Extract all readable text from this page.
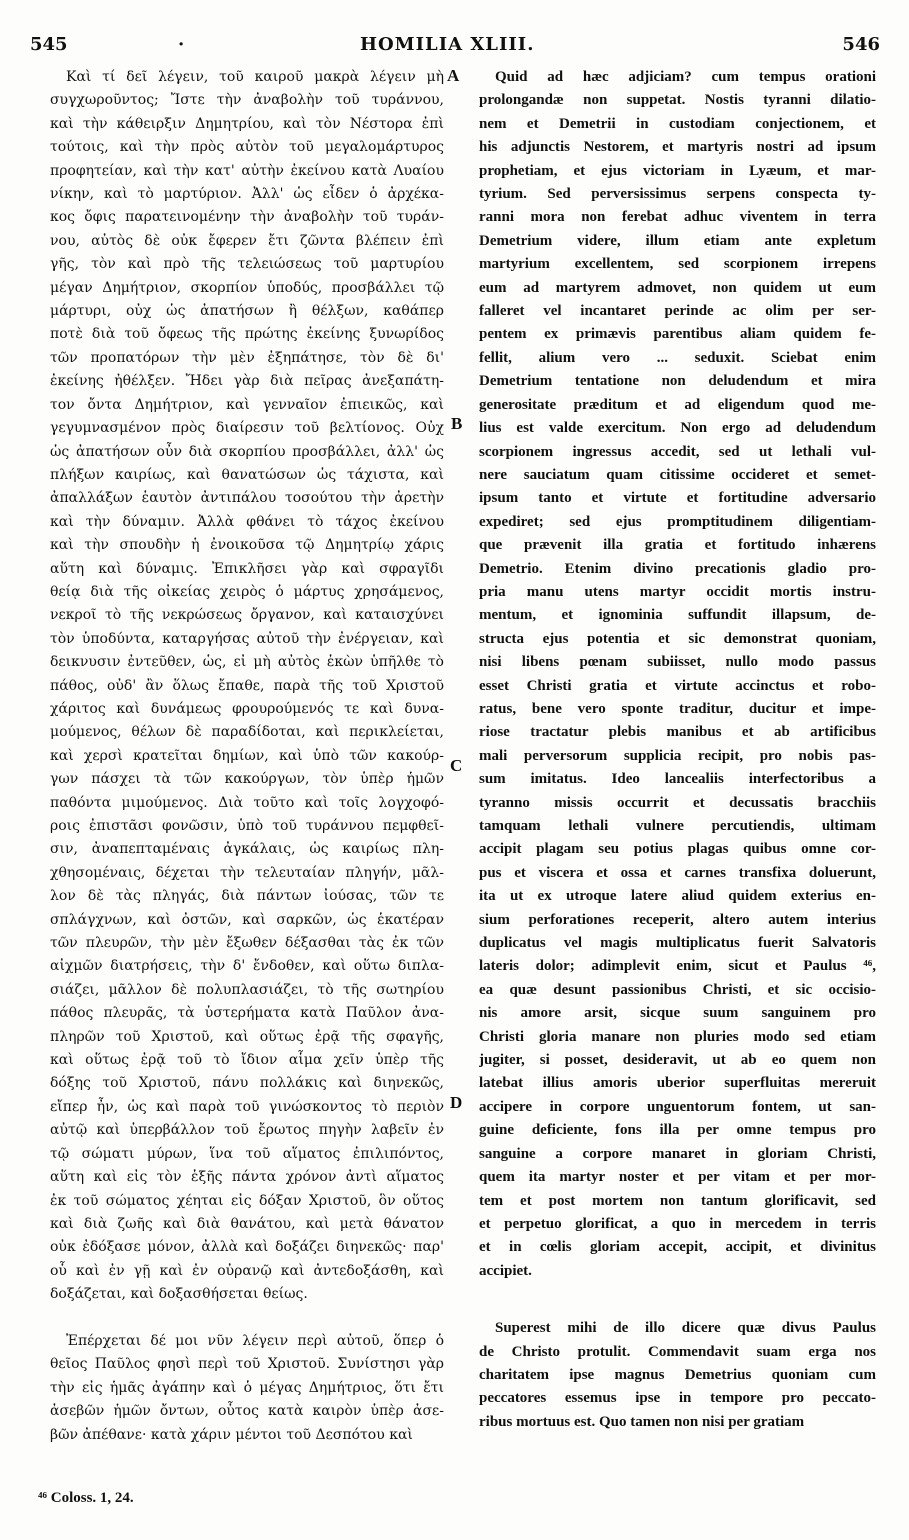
545	·	HOMILIA XLIII.	546

Καὶ τί δεῖ λέγειν, τοῦ καιροῦ μακρὰ λέγειν μὴ
συγχωροῦντος; Ἴστε τὴν ἀναβολὴν τοῦ τυράννου,
καὶ τὴν κάθειρξιν Δημητρίου, καὶ τὸν Νέστορα ἐπὶ
τούτοις, καὶ τὴν πρὸς αὐτὸν τοῦ μεγαλομάρτυρος
προφητείαν, καὶ τὴν κατ' αὐτὴν ἐκείνου κατὰ Λυαίου
νίκην, καὶ τὸ μαρτύριον. Ἀλλ' ὡς εἶδεν ὁ ἀρχέκα-
κος ὄφις παρατεινομένην τὴν ἀναβολὴν τοῦ τυράν-
νου, αὐτὸς δὲ οὐκ ἔφερεν ἔτι ζῶντα βλέπειν ἐπὶ
γῆς, τὸν καὶ πρὸ τῆς τελειώσεως τοῦ μαρτυρίου
μέγαν Δημήτριον, σκορπίον ὑποδύς, προσβάλλει τῷ
μάρτυρι, οὐχ ὡς ἀπατήσων ἢ θέλξων, καθάπερ
ποτὲ διὰ τοῦ ὄφεως τῆς πρώτης ἐκείνης ξυνωρίδος
τῶν προπατόρων τὴν μὲν ἐξηπάτησε, τὸν δὲ δι'
ἐκείνης ἠθέλξεν. Ἤδει γὰρ διὰ πεῖρας ἀνεξαπάτη-
τον ὄντα Δημήτριον, καὶ γενναῖον ἐπιεικῶς, καὶ
γεγυμνασμένον πρὸς διαίρεσιν τοῦ βελτίονος. Οὐχ
ὡς ἀπατήσων οὖν διὰ σκορπίου προσβάλλει, ἀλλ' ὡς
πλήξων καιρίως, καὶ θανατώσων ὡς τάχιστα, καὶ
ἀπαλλάξων ἑαυτὸν ἀντιπάλου τοσούτου τὴν ἀρετὴν
καὶ τὴν δύναμιν. Ἀλλὰ φθάνει τὸ τάχος ἐκείνου
καὶ τὴν σπουδὴν ἡ ἐνοικοῦσα τῷ Δημητρίῳ χάρις
αὕτη καὶ δύναμις. Ἐπικλῆσει γὰρ καὶ σφραγῖδι
θείᾳ διὰ τῆς οἰκείας χειρὸς ὁ μάρτυς χρησάμενος,
νεκροῖ τὸ τῆς νεκρώσεως ὄργανον, καὶ καταισχύνει
τὸν ὑποδύντα, καταργήσας αὐτοῦ τὴν ἐνέργειαν, καὶ
δεικνυσιν ἐντεῦθεν, ὡς, εἰ μὴ αὐτὸς ἑκὼν ὑπῆλθε τὸ
πάθος, οὐδ' ἂν ὅλως ἔπαθε, παρὰ τῆς τοῦ Χριστοῦ
χάριτος καὶ δυνάμεως φρουρούμενός τε καὶ δυνα-
μούμενος, θέλων δὲ παραδίδοται, καὶ περικλείεται,
καὶ χερσὶ κρατεῖται δημίων, καὶ ὑπὸ τῶν κακούρ-
γων πάσχει τὰ τῶν κακούργων, τὸν ὑπὲρ ἡμῶν
παθόντα μιμούμενος. Διὰ τοῦτο καὶ τοῖς λογχοφό-
ροις ἐπιστᾶσι φονῶσιν, ὑπὸ τοῦ τυράννου πεμφθεῖ-
σιν, ἀναπεπταμέναις ἀγκάλαις, ὡς καιρίως πλη-
χθησομέναις, δέχεται τὴν τελευταίαν πληγήν, μᾶλ-
λον δὲ τὰς πληγάς, διὰ πάντων ἰούσας, τῶν τε
σπλάγχνων, καὶ ὀστῶν, καὶ σαρκῶν, ὡς ἑκατέραν
τῶν πλευρῶν, τὴν μὲν ἔξωθεν δέξασθαι τὰς ἐκ τῶν
αἰχμῶν διατρήσεις, τὴν δ' ἔνδοθεν, καὶ οὕτω διπλα-
σιάζει, μᾶλλον δὲ πολυπλασιάζει, τὸ τῆς σωτηρίου
πάθος πλευρᾶς, τὰ ὑστερήματα κατὰ Παῦλον ἀνα-
πληρῶν τοῦ Χριστοῦ, καὶ οὕτως ἐρᾷ τῆς σφαγῆς,
καὶ οὕτως ἐρᾷ τοῦ τὸ ἴδιον αἷμα χεῖν ὑπὲρ τῆς
δόξης τοῦ Χριστοῦ, πάνυ πολλάκις καὶ διηνεκῶς,
εἴπερ ἦν, ὡς καὶ παρὰ τοῦ γινώσκοντος τὸ περιὸν
αὐτῷ καὶ ὑπερβάλλον τοῦ ἔρωτος πηγὴν λαβεῖν ἐν
τῷ σώματι μύρων, ἵνα τοῦ αἵματος ἐπιλιπόντος,
αὕτη καὶ εἰς τὸν ἑξῆς πάντα χρόνον ἀντὶ αἵματος
ἐκ τοῦ σώματος χέηται εἰς δόξαν Χριστοῦ, ὃν οὕτος
καὶ διὰ ζωῆς καὶ διὰ θανάτου, καὶ μετὰ θάνατον
οὐκ ἐδόξασε μόνον, ἀλλὰ καὶ δοξάζει διηνεκῶς· παρ'
οὗ καὶ ἐν γῇ καὶ ἐν οὐρανῷ καὶ ἀντεδοξάσθη, καὶ
δοξάζεται, καὶ δοξασθήσεται θείως.

Ἐπέρχεται δέ μοι νῦν λέγειν περὶ αὐτοῦ, ὅπερ ὁ
θεῖος Παῦλος φησὶ περὶ τοῦ Χριστοῦ. Συνίστησι γὰρ
τὴν εἰς ἡμᾶς ἀγάπην καὶ ὁ μέγας Δημήτριος, ὅτι ἔτι
ἀσεβῶν ἡμῶν ὄντων, οὗτος κατὰ καιρὸν ὑπὲρ ἀσε-
βῶν ἀπέθανε· κατὰ χάριν μέντοι τοῦ Δεσπότου καὶ

Quid ad hæc adjiciam? cum tempus orationi
prolongandæ non suppetat. Nostis tyranni dilatio-
nem et Demetrii in custodiam conjectionem, et
his adjunctis Nestorem, et martyris nostri ad ipsum
prophetiam, et ejus victoriam in Lyæum, et mar-
tyrium. Sed perversissimus serpens conspecta ty-
ranni mora non ferebat adhuc viventem in terra
Demetrium videre, illum etiam ante expletum
martyrium excellentem, sed scorpionem irrepens
eum ad martyrem admovet, non quidem ut eum
falleret vel incantaret perinde ac olim per ser-
pentem ex primævis parentibus aliam quidem fe-
fellit, alium vero ... seduxit. Sciebat enim
Demetrium tentatione non deludendum et mira
generositate præditum et ad eligendum quod me-
lius est valde exercitum. Non ergo ad deludendum
scorpionem ingressus accedit, sed ut lethali vul-
nere sauciatum quam citissime occideret et semet-
ipsum tanto et virtute et fortitudine adversario
expediret; sed ejus promptitudinem diligentiam-
que prævenit illa gratia et fortitudo inhærens
Demetrio. Etenim divino precationis gladio pro-
pria manu utens martyr occidit mortis instru-
mentum, et ignominia suffundit illapsum, de-
structa ejus potentia et sic demonstrat quoniam,
nisi libens pœnam subiisset, nullo modo passus
esset Christi gratia et virtute accinctus et robo-
ratus, bene vero sponte traditur, ducitur et impe-
riose tractatur plebis manibus et ab artificibus
mali perversorum supplicia recipit, pro nobis pas-
sum imitatus. Ideo lancealiis interfectoribus a
tyranno missis occurrit et decussatis bracchiis
tamquam lethali vulnere percutiendis, ultimam
accipit plagam seu potius plagas quibus omne cor-
pus et viscera et ossa et carnes transfixa doluerunt,
ita ut ex utroque latere aliud quidem exterius en-
sium perforationes receperit, altero autem interius
duplicatus vel magis multiplicatus fuerit Salvatoris
lateris dolor; adimplevit enim, sicut et Paulus ⁴⁶,
ea quæ desunt passionibus Christi, et sic occisio-
nis amore arsit, sicque suum sanguinem pro
Christi gloria manare non pluries modo sed etiam
jugiter, si posset, desideravit, ut ab eo quem non
latebat illius amoris uberior superfluitas mereruit
accipere in corpore unguentorum fontem, ut san-
guine deficiente, fons illa per omne tempus pro
sanguine a corpore manaret in gloriam Christi,
quem ita martyr noster et per vitam et per mor-
tem et post mortem non tantum glorificavit, sed
et perpetuo glorificat, a quo in mercedem in terris
et in cœlis gloriam accepit, accipit, et divinitus
accipiet.

Superest mihi de illo dicere quæ divus Paulus
de Christo protulit. Commendavit suam erga nos
charitatem ipse magnus Demetrius quoniam cum
peccatores essemus ipse in tempore pro peccato-
ribus mortuus est. Quo tamen non nisi per gratiam

A
B
C
D
⁴⁶ Coloss. 1, 24.
